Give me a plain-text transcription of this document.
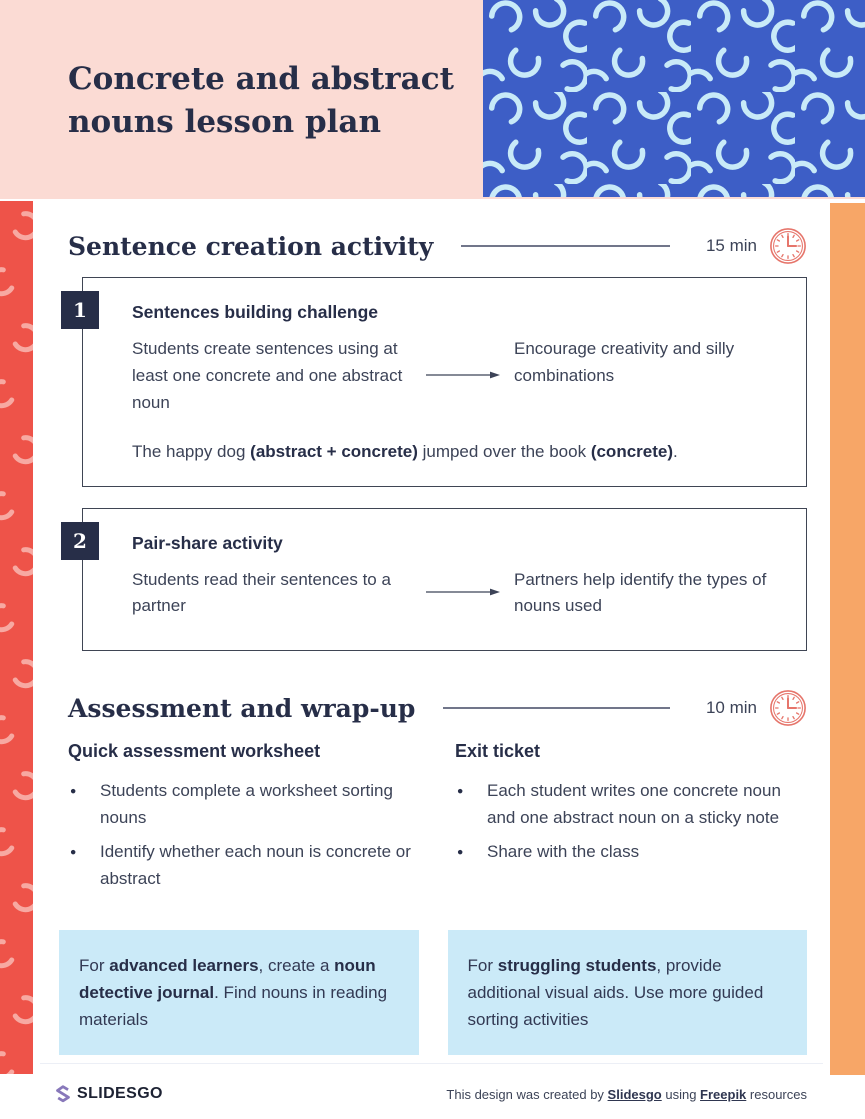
Concrete and abstract nouns lesson plan
Sentence creation activity	15 min
1	Sentences building challenge
Students create sentences using at least one concrete and one abstract noun
Encourage creativity and silly combinations
The happy dog (abstract + concrete) jumped over the book (concrete).
2	Pair-share activity
Students read their sentences to a partner
Partners help identify the types of nouns used
Assessment and wrap-up	10 min
Quick assessment worksheet
● Students complete a worksheet sorting nouns
● Identify whether each noun is concrete or abstract
Exit ticket
● Each student writes one concrete noun and one abstract noun on a sticky note
● Share with the class
For advanced learners, create a noun detective journal. Find nouns in reading materials
For struggling students, provide additional visual aids. Use more guided sorting activities
SLIDESGO	This design was created by Slidesgo using Freepik resources
